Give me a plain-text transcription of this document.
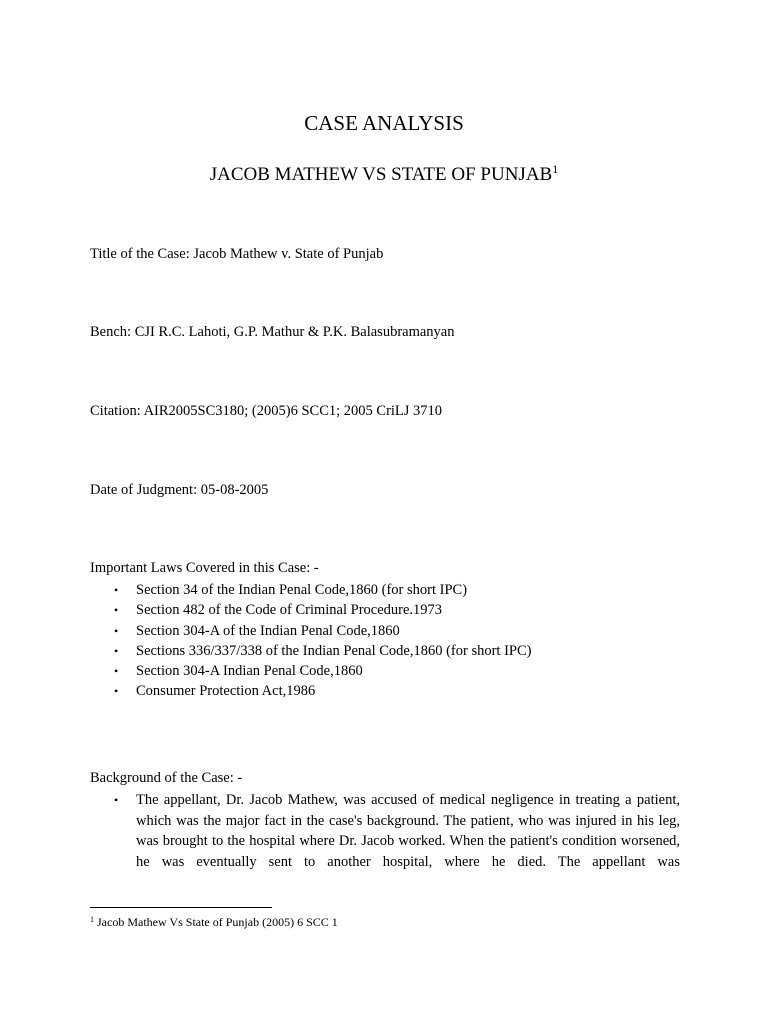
CASE ANALYSIS
JACOB MATHEW VS STATE OF PUNJAB$^1$

Title of the Case: Jacob Mathew v. State of Punjab

Bench: CJI R.C. Lahoti, G.P. Mathur & P.K. Balasubramanyan

Citation: AIR2005SC3180; (2005)6 SCC1; 2005 CriLJ 3710

Date of Judgment: 05-08-2005

Important Laws Covered in this Case: -

• Section 34 of the Indian Penal Code,1860 (for short IPC)
• Section 482 of the Code of Criminal Procedure.1973
• Section 304-A of the Indian Penal Code,1860
• Sections 336/337/338 of the Indian Penal Code,1860 (for short IPC)
• Section 304-A Indian Penal Code,1860
• Consumer Protection Act,1986

Background of the Case: -

• The appellant, Dr. Jacob Mathew, was accused of medical negligence in treating a patient, which was the major fact in the case's background. The patient, who was injured in his leg, was brought to the hospital where Dr. Jacob worked. When the patient's condition worsened, he was eventually sent to another hospital, where he died. The appellant was

$^1$ Jacob Mathew Vs State of Punjab (2005) 6 SCC 1
